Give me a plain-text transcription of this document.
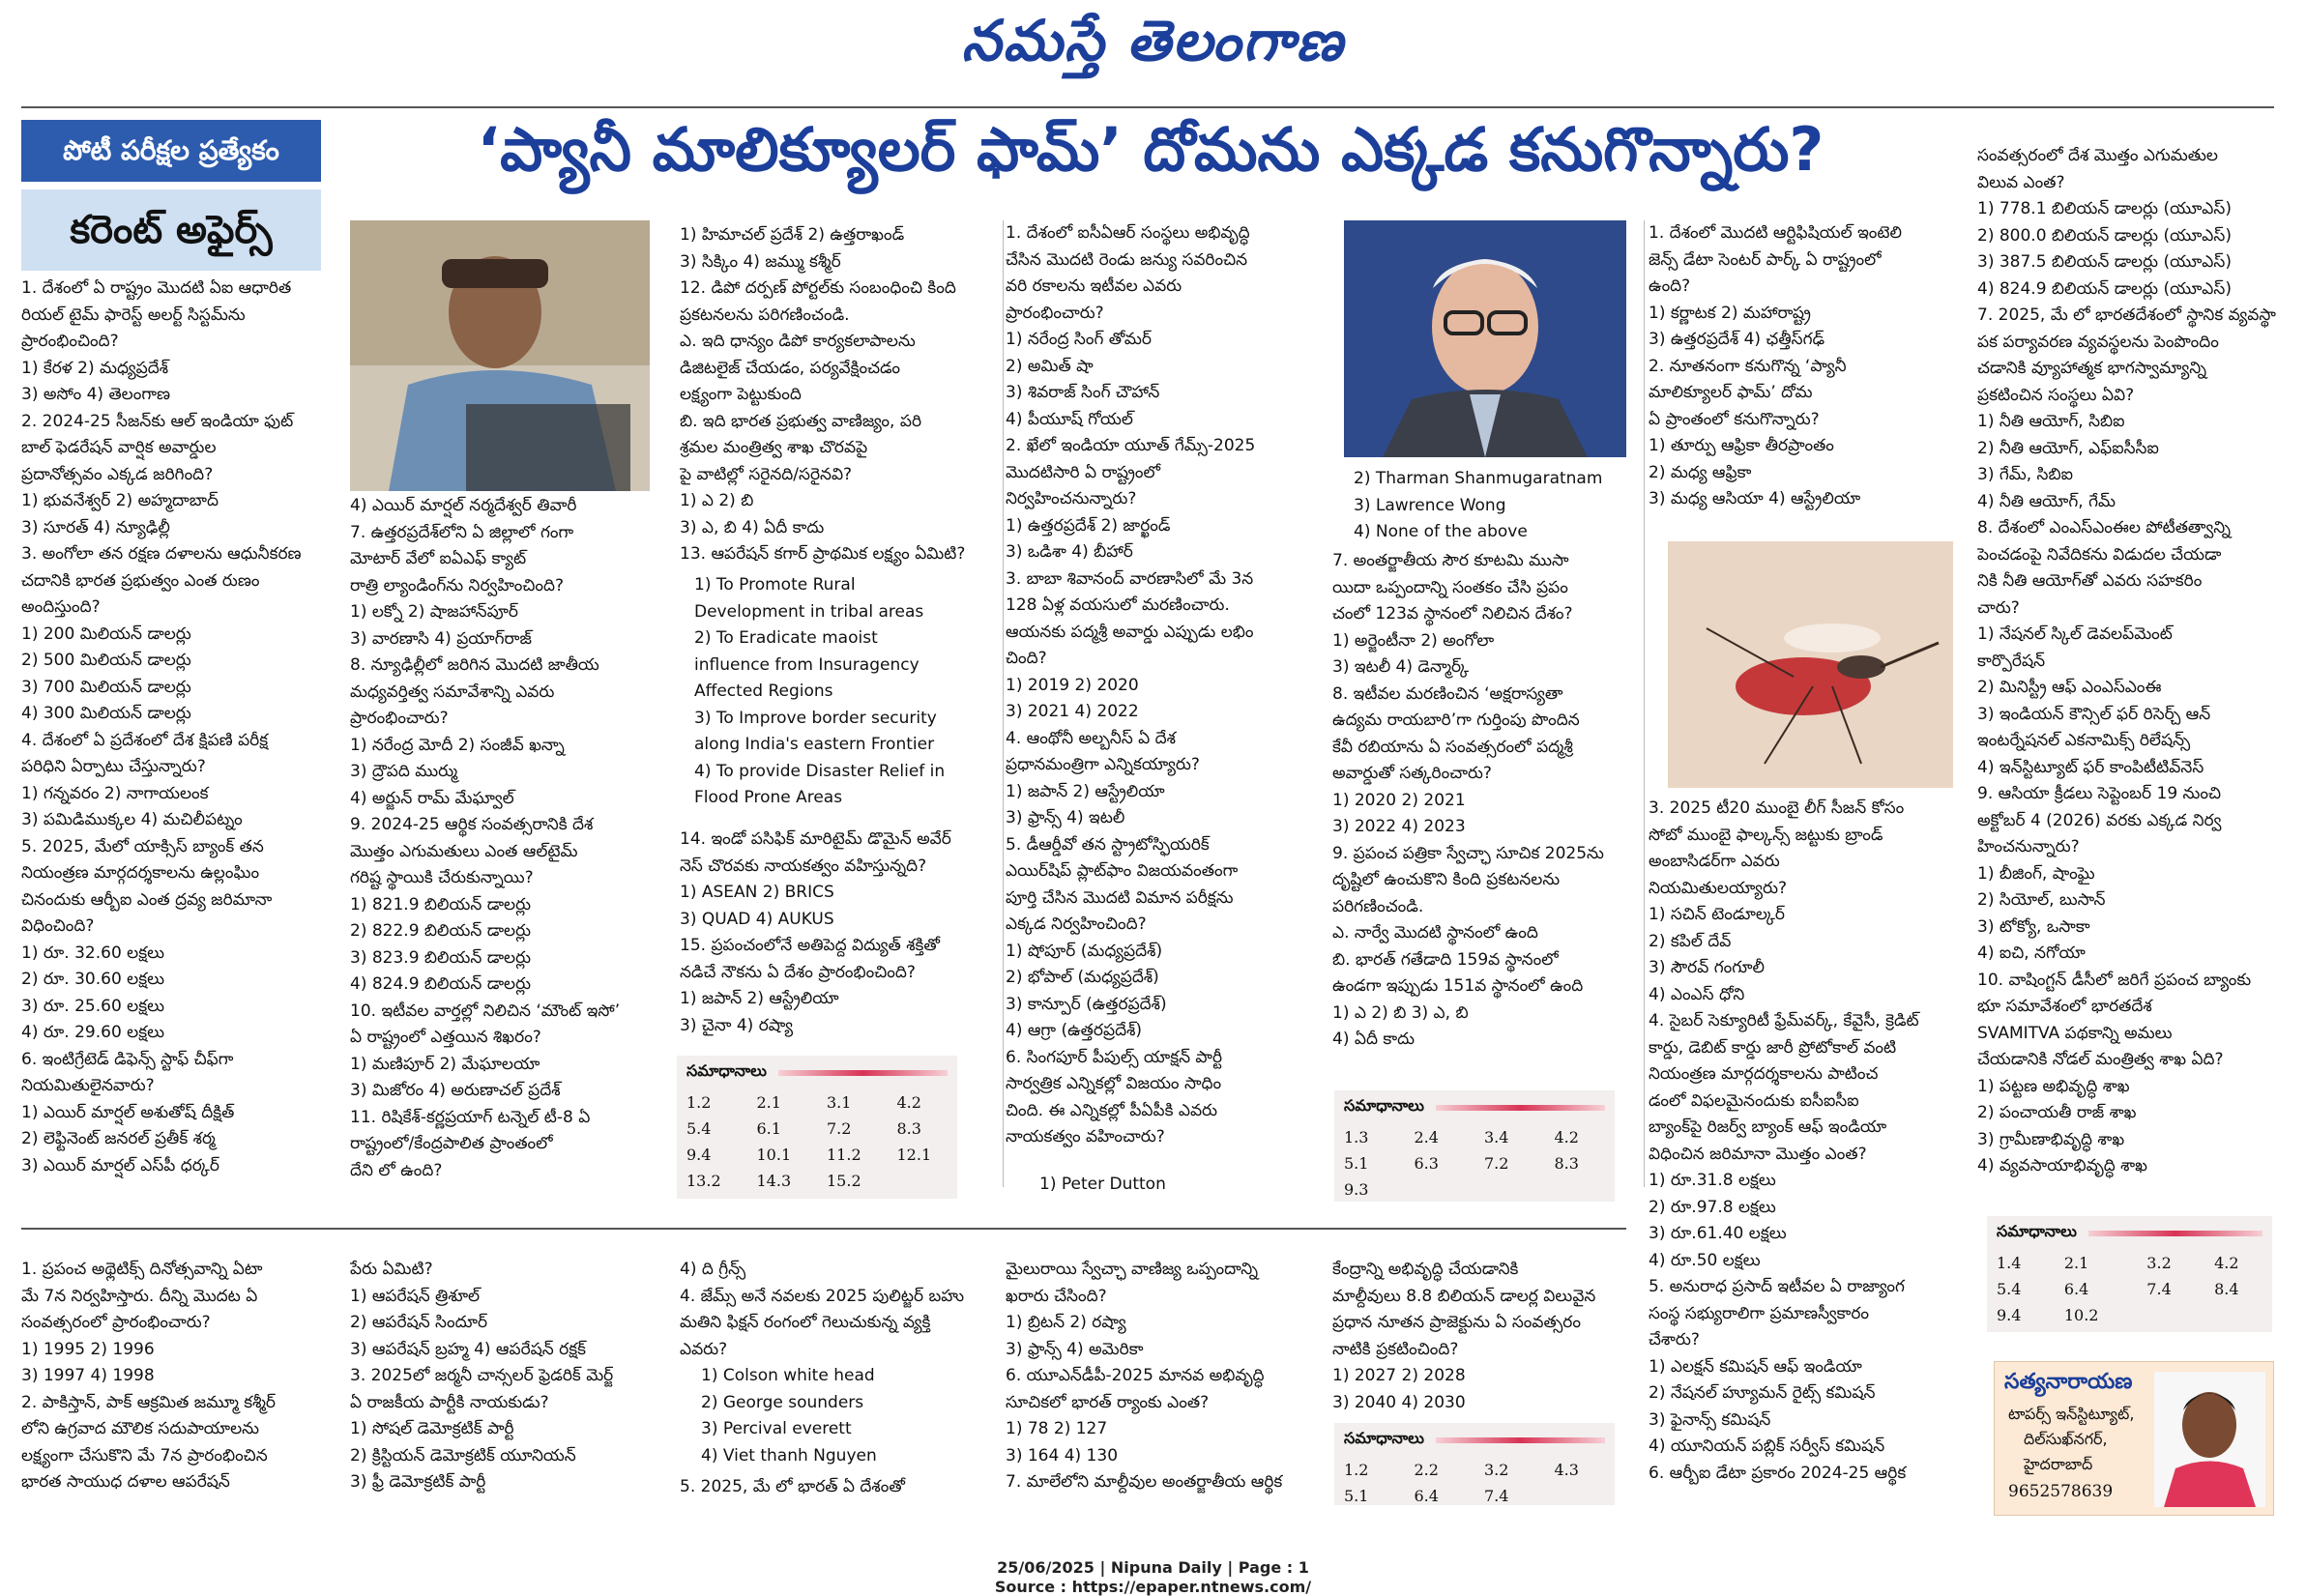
నమస్తే తెలంగాణ
పోటీ పరీక్షల ప్రత్యేకం
కరెంట్ అఫైర్స్
‘ప్యానీ మాలిక్యూలర్ ఫామ్’ దోమను ఎక్కడ కనుగొన్నారు?
1. దేశంలో ఏ రాష్ట్రం మొదటి ఏఐ ఆధారిత
రియల్ టైమ్ ఫారెస్ట్ అలర్ట్ సిస్టమ్‌ను
ప్రారంభించింది?
1) కేరళ 2) మధ్యప్రదేశ్
3) అసోం 4) తెలంగాణ
2. 2024-25 సీజన్‌కు ఆల్ ఇండియా ఫుట్
బాల్ ఫెడరేషన్ వార్షిక అవార్డుల
ప్రదానోత్సవం ఎక్కడ జరిగింది?
1) భువనేశ్వర్ 2) అహ్మదాబాద్
3) సూరత్ 4) న్యూఢిల్లీ
3. అంగోలా తన రక్షణ దళాలను ఆధునీకరణ
చదానికి భారత ప్రభుత్వం ఎంత రుణం
అందిస్తుంది?
1) 200 మిలియన్ డాలర్లు
2) 500 మిలియన్ డాలర్లు
3) 700 మిలియన్ డాలర్లు
4) 300 మిలియన్ డాలర్లు
4. దేశంలో ఏ ప్రదేశంలో దేశ క్షిపణి పరీక్ష
పరిధిని ఏర్పాటు చేస్తున్నారు?
1) గన్నవరం 2) నాగాయలంక
3) పమిడిముక్కల 4) మచిలీపట్నం
5. 2025, మేలో యాక్సిస్ బ్యాంక్ తన
నియంత్రణ మార్గదర్శకాలను ఉల్లంఘిం
చినందుకు ఆర్బీఐ ఎంత ద్రవ్య జరిమానా
విధించింది?
1) రూ. 32.60 లక్షలు
2) రూ. 30.60 లక్షలు
3) రూ. 25.60 లక్షలు
4) రూ. 29.60 లక్షలు
6. ఇంటిగ్రేటెడ్ డిఫెన్స్ స్టాఫ్ చీఫ్‌గా
నియమితులైనవారు?
1) ఎయిర్ మార్షల్ అశుతోష్ దీక్షిత్
2) లెఫ్టినెంట్ జనరల్ ప్రతీక్ శర్మ
3) ఎయిర్ మార్షల్ ఎస్‌పీ ధర్కర్
4) ఎయిర్ మార్షల్ నర్మదేశ్వర్ తివారీ
7. ఉత్తరప్రదేశ్‌లోని ఏ జిల్లాలో గంగా
మోటార్ వేలో ఐఏఎఫ్ క్యాట్
రాత్రి ల్యాండింగ్‌ను నిర్వహించింది?
1) లక్నో 2) షాజహాన్‌పూర్
3) వారణాసి 4) ప్రయాగ్‌రాజ్
8. న్యూఢిల్లీలో జరిగిన మొదటి జాతీయ
మధ్యవర్తిత్వ సమావేశాన్ని ఎవరు
ప్రారంభించారు?
1) నరేంద్ర మోదీ 2) సంజీవ్ ఖన్నా
3) ద్రౌపది ముర్ము
4) అర్జున్ రామ్ మేఘ్వాల్
9. 2024-25 ఆర్థిక సంవత్సరానికి దేశ
మొత్తం ఎగుమతులు ఎంత ఆల్‌టైమ్
గరిష్ట స్థాయికి చేరుకున్నాయి?
1) 821.9 బిలియన్ డాలర్లు
2) 822.9 బిలియన్ డాలర్లు
3) 823.9 బిలియన్ డాలర్లు
4) 824.9 బిలియన్ డాలర్లు
10. ఇటీవల వార్తల్లో నిలిచిన ‘మౌంట్ ఇసో’
ఏ రాష్ట్రంలో ఎత్తయిన శిఖరం?
1) మణిపూర్ 2) మేఘాలయా
3) మిజోరం 4) అరుణాచల్ ప్రదేశ్
11. రిషికేశ్-కర్ణప్రయాగ్ టన్నెల్ టీ-8 ఏ
రాష్ట్రంలో/కేంద్రపాలిత ప్రాంతంలో
దేని లో ఉంది?
1) హిమాచల్ ప్రదేశ్ 2) ఉత్తరాఖండ్
3) సిక్కిం 4) జమ్ము కశ్మీర్
12. డిపో దర్పణ్ పోర్టల్‌కు సంబంధించి కింది
ప్రకటనలను పరిగణించండి.
ఎ. ఇది ధాన్యం డిపో కార్యకలాపాలను
డిజిటలైజ్ చేయడం, పర్యవేక్షించడం
లక్ష్యంగా పెట్టుకుంది
బి. ఇది భారత ప్రభుత్వ వాణిజ్యం, పరి
శ్రమల మంత్రిత్వ శాఖ చొరవపై
పై వాటిల్లో సరైనది/సరైనవి?
1) ఎ 2) బి
3) ఎ, బి 4) ఏదీ కాదు
13. ఆపరేషన్ కగార్ ప్రాథమిక లక్ష్యం ఏమిటి?
1) To Promote Rural
Development in tribal areas
2) To Eradicate maoist
influence from Insuragency
Affected Regions
3) To Improve border security
along India's eastern Frontier
4) To provide Disaster Relief in
Flood Prone Areas
14. ఇండో పసిఫిక్ మారిటైమ్ డొమైన్ అవేర్
నెస్ చొరవకు నాయకత్వం వహిస్తున్నది?
1) ASEAN 2) BRICS
3) QUAD 4) AUKUS
15. ప్రపంచంలోనే అతిపెద్ద విద్యుత్ శక్తితో
నడిచే నౌకను ఏ దేశం ప్రారంభించింది?
1) జపాన్ 2) ఆస్ట్రేలియా
3) చైనా 4) రష్యా
సమాధానాలు
1.2	2.1	3.1	4.2
5.4	6.1	7.2	8.3
9.4	10.1	11.2	12.1
13.2	14.3	15.2	
1. దేశంలో ఐసీఏఆర్ సంస్థలు అభివృద్ధి
చేసిన మొదటి రెండు జన్యు సవరించిన
వరి రకాలను ఇటీవల ఎవరు
ప్రారంభించారు?
1) నరేంద్ర సింగ్ తోమర్
2) అమిత్ షా
3) శివరాజ్ సింగ్ చౌహాన్
4) పీయూష్ గోయల్
2. ఖేలో ఇండియా యూత్ గేమ్స్-2025
మొదటిసారి ఏ రాష్ట్రంలో
నిర్వహించనున్నారు?
1) ఉత్తరప్రదేశ్ 2) జార్ఖండ్
3) ఒడిశా 4) బీహార్
3. బాబా శివానంద్ వారణాసిలో మే 3న
128 ఏళ్ల వయసులో మరణించారు.
ఆయనకు పద్మశ్రీ అవార్డు ఎప్పుడు లభిం
చింది?
1) 2019 2) 2020
3) 2021 4) 2022
4. ఆంథోనీ అల్బనీస్ ఏ దేశ
ప్రధానమంత్రిగా ఎన్నికయ్యారు?
1) జపాన్ 2) ఆస్ట్రేలియా
3) ఫ్రాన్స్ 4) ఇటలీ
5. డీఆర్డీవో తన స్ట్రాటోస్ఫియరిక్
ఎయిర్‌షిప్ ప్లాట్‌ఫాం విజయవంతంగా
పూర్తి చేసిన మొదటి విమాన పరీక్షను
ఎక్కడ నిర్వహించింది?
1) షోపూర్ (మధ్యప్రదేశ్)
2) భోపాల్ (మధ్యప్రదేశ్)
3) కాన్పూర్ (ఉత్తరప్రదేశ్)
4) ఆగ్రా (ఉత్తరప్రదేశ్)
6. సింగపూర్ పీపుల్స్ యాక్షన్ పార్టీ
సార్వత్రిక ఎన్నికల్లో విజయం సాధిం
చింది. ఈ ఎన్నికల్లో పీఏపీకి ఎవరు
నాయకత్వం వహించారు?
1) Peter Dutton
2) Tharman Shanmugaratnam
3) Lawrence Wong
4) None of the above
7. అంతర్జాతీయ సౌర కూటమి ముసా
యిదా ఒప్పందాన్ని సంతకం చేసి ప్రపం
చంలో 123వ స్థానంలో నిలిచిన దేశం?
1) అర్జెంటీనా 2) అంగోలా
3) ఇటలీ 4) డెన్మార్క్
8. ఇటీవల మరణించిన ‘అక్షరాస్యతా
ఉద్యమ రాయబారి’గా గుర్తింపు పొందిన
కేవీ రబియాను ఏ సంవత్సరంలో పద్మశ్రీ
అవార్డుతో సత్కరించారు?
1) 2020 2) 2021
3) 2022 4) 2023
9. ప్రపంచ పత్రికా స్వేచ్ఛా సూచిక 2025ను
దృష్టిలో ఉంచుకొని కింది ప్రకటనలను
పరిగణించండి.
ఎ. నార్వే మొదటి స్థానంలో ఉంది
బి. భారత్ గతేడాది 159వ స్థానంలో
ఉండగా ఇప్పుడు 151వ స్థానంలో ఉంది
1) ఎ 2) బి 3) ఎ, బి
4) ఏదీ కాదు
సమాధానాలు
1.3	2.4	3.4	4.2
5.1	6.3	7.2	8.3
9.3			
1. దేశంలో మొదటి ఆర్టిఫిషియల్ ఇంటెలి
జెన్స్ డేటా సెంటర్ పార్క్ ఏ రాష్ట్రంలో
ఉంది?
1) కర్ణాటక 2) మహారాష్ట్ర
3) ఉత్తరప్రదేశ్ 4) ఛత్తీస్‌గఢ్
2. నూతనంగా కనుగొన్న ‘ప్యానీ
మాలిక్యూలర్ ఫామ్’ దోమ
ఏ ప్రాంతంలో కనుగొన్నారు?
1) తూర్పు ఆఫ్రికా తీరప్రాంతం
2) మధ్య ఆఫ్రికా
3) మధ్య ఆసియా 4) ఆస్ట్రేలియా
3. 2025 టీ20 ముంబై లీగ్ సీజన్ కోసం
సోబో ముంబై ఫాల్కన్స్ జట్టుకు బ్రాండ్
అంబాసిడర్‌గా ఎవరు
నియమితులయ్యారు?
1) సచిన్ టెండూల్కర్
2) కపిల్ దేవ్
3) సౌరవ్ గంగూలీ
4) ఎంఎస్ ధోని
4. సైబర్ సెక్యూరిటీ ఫ్రేమ్‌వర్క్, కేవైసీ, క్రెడిట్
కార్డు, డెబిట్ కార్డు జారీ ప్రోటోకాల్ వంటి
నియంత్రణ మార్గదర్శకాలను పాటించ
డంలో విఫలమైనందుకు ఐసీఐసీఐ
బ్యాంక్‌పై రిజర్వ్ బ్యాంక్ ఆఫ్ ఇండియా
విధించిన జరిమానా మొత్తం ఎంత?
1) రూ.31.8 లక్షలు
2) రూ.97.8 లక్షలు
3) రూ.61.40 లక్షలు
4) రూ.50 లక్షలు
5. అనురాధ ప్రసాద్ ఇటీవల ఏ రాజ్యాంగ
సంస్థ సభ్యురాలిగా ప్రమాణస్వీకారం
చేశారు?
1) ఎలక్షన్ కమిషన్ ఆఫ్ ఇండియా
2) నేషనల్ హ్యూమన్ రైట్స్ కమిషన్
3) ఫైనాన్స్ కమిషన్
4) యూనియన్ పబ్లిక్ సర్వీస్ కమిషన్
6. ఆర్బీఐ డేటా ప్రకారం 2024-25 ఆర్థిక
సంవత్సరంలో దేశ మొత్తం ఎగుమతుల
విలువ ఎంత?
1) 778.1 బిలియన్ డాలర్లు (యూఎస్)
2) 800.0 బిలియన్ డాలర్లు (యూఎస్)
3) 387.5 బిలియన్ డాలర్లు (యూఎస్)
4) 824.9 బిలియన్ డాలర్లు (యూఎస్)
7. 2025, మే లో భారతదేశంలో స్థానిక వ్యవస్థా
పక పర్యావరణ వ్యవస్థలను పెంపొందిం
చడానికి వ్యూహాత్మక భాగస్వామ్యాన్ని
ప్రకటించిన సంస్థలు ఏవి?
1) నీతి ఆయోగ్, సిబిఐ
2) నీతి ఆయోగ్, ఎఫ్ఐసీసీఐ
3) గేమ్, సిబిఐ
4) నీతి ఆయోగ్, గేమ్
8. దేశంలో ఎంఎస్ఎంఈల పోటీతత్వాన్ని
పెంచడంపై నివేదికను విడుదల చేయడా
నికి నీతి ఆయోగ్‌తో ఎవరు సహకరిం
చారు?
1) నేషనల్ స్కిల్ డెవలప్‌మెంట్
కార్పొరేషన్
2) మినిస్ట్రీ ఆఫ్ ఎంఎస్ఎంఈ
3) ఇండియన్ కౌన్సిల్ ఫర్ రిసెర్చ్ ఆన్
ఇంటర్నేషనల్ ఎకనామిక్స్ రిలేషన్స్
4) ఇన్‌స్టిట్యూట్ ఫర్ కాంపిటీటివ్‌నెస్
9. ఆసియా క్రీడలు సెప్టెంబర్ 19 నుంచి
అక్టోబర్ 4 (2026) వరకు ఎక్కడ నిర్వ
హించనున్నారు?
1) బీజింగ్, షాంఘై
2) సియోల్, బుసాన్
3) టోక్యో, ఒసాకా
4) ఐచి, నగోయా
10. వాషింగ్టన్ డీసీలో జరిగే ప్రపంచ బ్యాంకు
భూ సమావేశంలో భారతదేశ
SVAMITVA పథకాన్ని అమలు
చేయడానికి నోడల్ మంత్రిత్వ శాఖ ఏది?
1) పట్టణ అభివృద్ధి శాఖ
2) పంచాయతీ రాజ్ శాఖ
3) గ్రామీణాభివృద్ధి శాఖ
4) వ్యవసాయాభివృద్ధి శాఖ
సమాధానాలు
1.4	2.1	3.2	4.2
5.4	6.4	7.4	8.4
9.4	10.2		
1. ప్రపంచ అథ్లెటిక్స్ దినోత్సవాన్ని ఏటా
మే 7న నిర్వహిస్తారు. దీన్ని మొదట ఏ
సంవత్సరంలో ప్రారంభించారు?
1) 1995 2) 1996
3) 1997 4) 1998
2. పాకిస్తాన్, పాక్ ఆక్రమిత జమ్మూ కశ్మీర్
లోని ఉగ్రవాద మౌలిక సదుపాయాలను
లక్ష్యంగా చేసుకొని మే 7న ప్రారంభించిన
భారత సాయుధ దళాల ఆపరేషన్
పేరు ఏమిటి?
1) ఆపరేషన్ త్రిశూల్
2) ఆపరేషన్ సిందూర్
3) ఆపరేషన్ బ్రహ్మ 4) ఆపరేషన్ రక్షక్
3. 2025లో జర్మనీ చాన్సలర్ ఫ్రెడరిక్ మెర్జ్
ఏ రాజకీయ పార్టీకి నాయకుడు?
1) సోషల్ డెమోక్రటిక్ పార్టీ
2) క్రిస్టియన్ డెమోక్రటిక్ యూనియన్
3) ఫ్రీ డెమోక్రటిక్ పార్టీ
4) ది గ్రీన్స్
4. జేమ్స్ అనే నవలకు 2025 పులిట్జర్ బహు
మతిని ఫిక్షన్ రంగంలో గెలుచుకున్న వ్యక్తి
ఎవరు?
1) Colson white head
2) George sounders
3) Percival everett
4) Viet thanh Nguyen
5. 2025, మే లో భారత్ ఏ దేశంతో
మైలురాయి స్వేచ్ఛా వాణిజ్య ఒప్పందాన్ని
ఖరారు చేసింది?
1) బ్రిటన్ 2) రష్యా
3) ఫ్రాన్స్ 4) అమెరికా
6. యూఎన్‌డీపీ-2025 మానవ అభివృద్ధి
సూచికలో భారత్ ర్యాంకు ఎంత?
1) 78 2) 127
3) 164 4) 130
7. మాలేలోని మాల్దీవుల అంతర్జాతీయ ఆర్థిక
కేంద్రాన్ని అభివృద్ధి చేయడానికి
మాల్దీవులు 8.8 బిలియన్ డాలర్ల విలువైన
ప్రధాన నూతన ప్రాజెక్టును ఏ సంవత్సరం
నాటికి ప్రకటించింది?
1) 2027 2) 2028
3) 2040 4) 2030
సమాధానాలు
1.2	2.2	3.2	4.3
5.1	6.4	7.4	
సత్యనారాయణ
టాపర్స్ ఇన్‌స్టిట్యూట్,
దిల్‌సుఖ్‌నగర్,
హైదరాబాద్
9652578639
25/06/2025 | Nipuna Daily | Page : 1
Source : https://epaper.ntnews.com/
